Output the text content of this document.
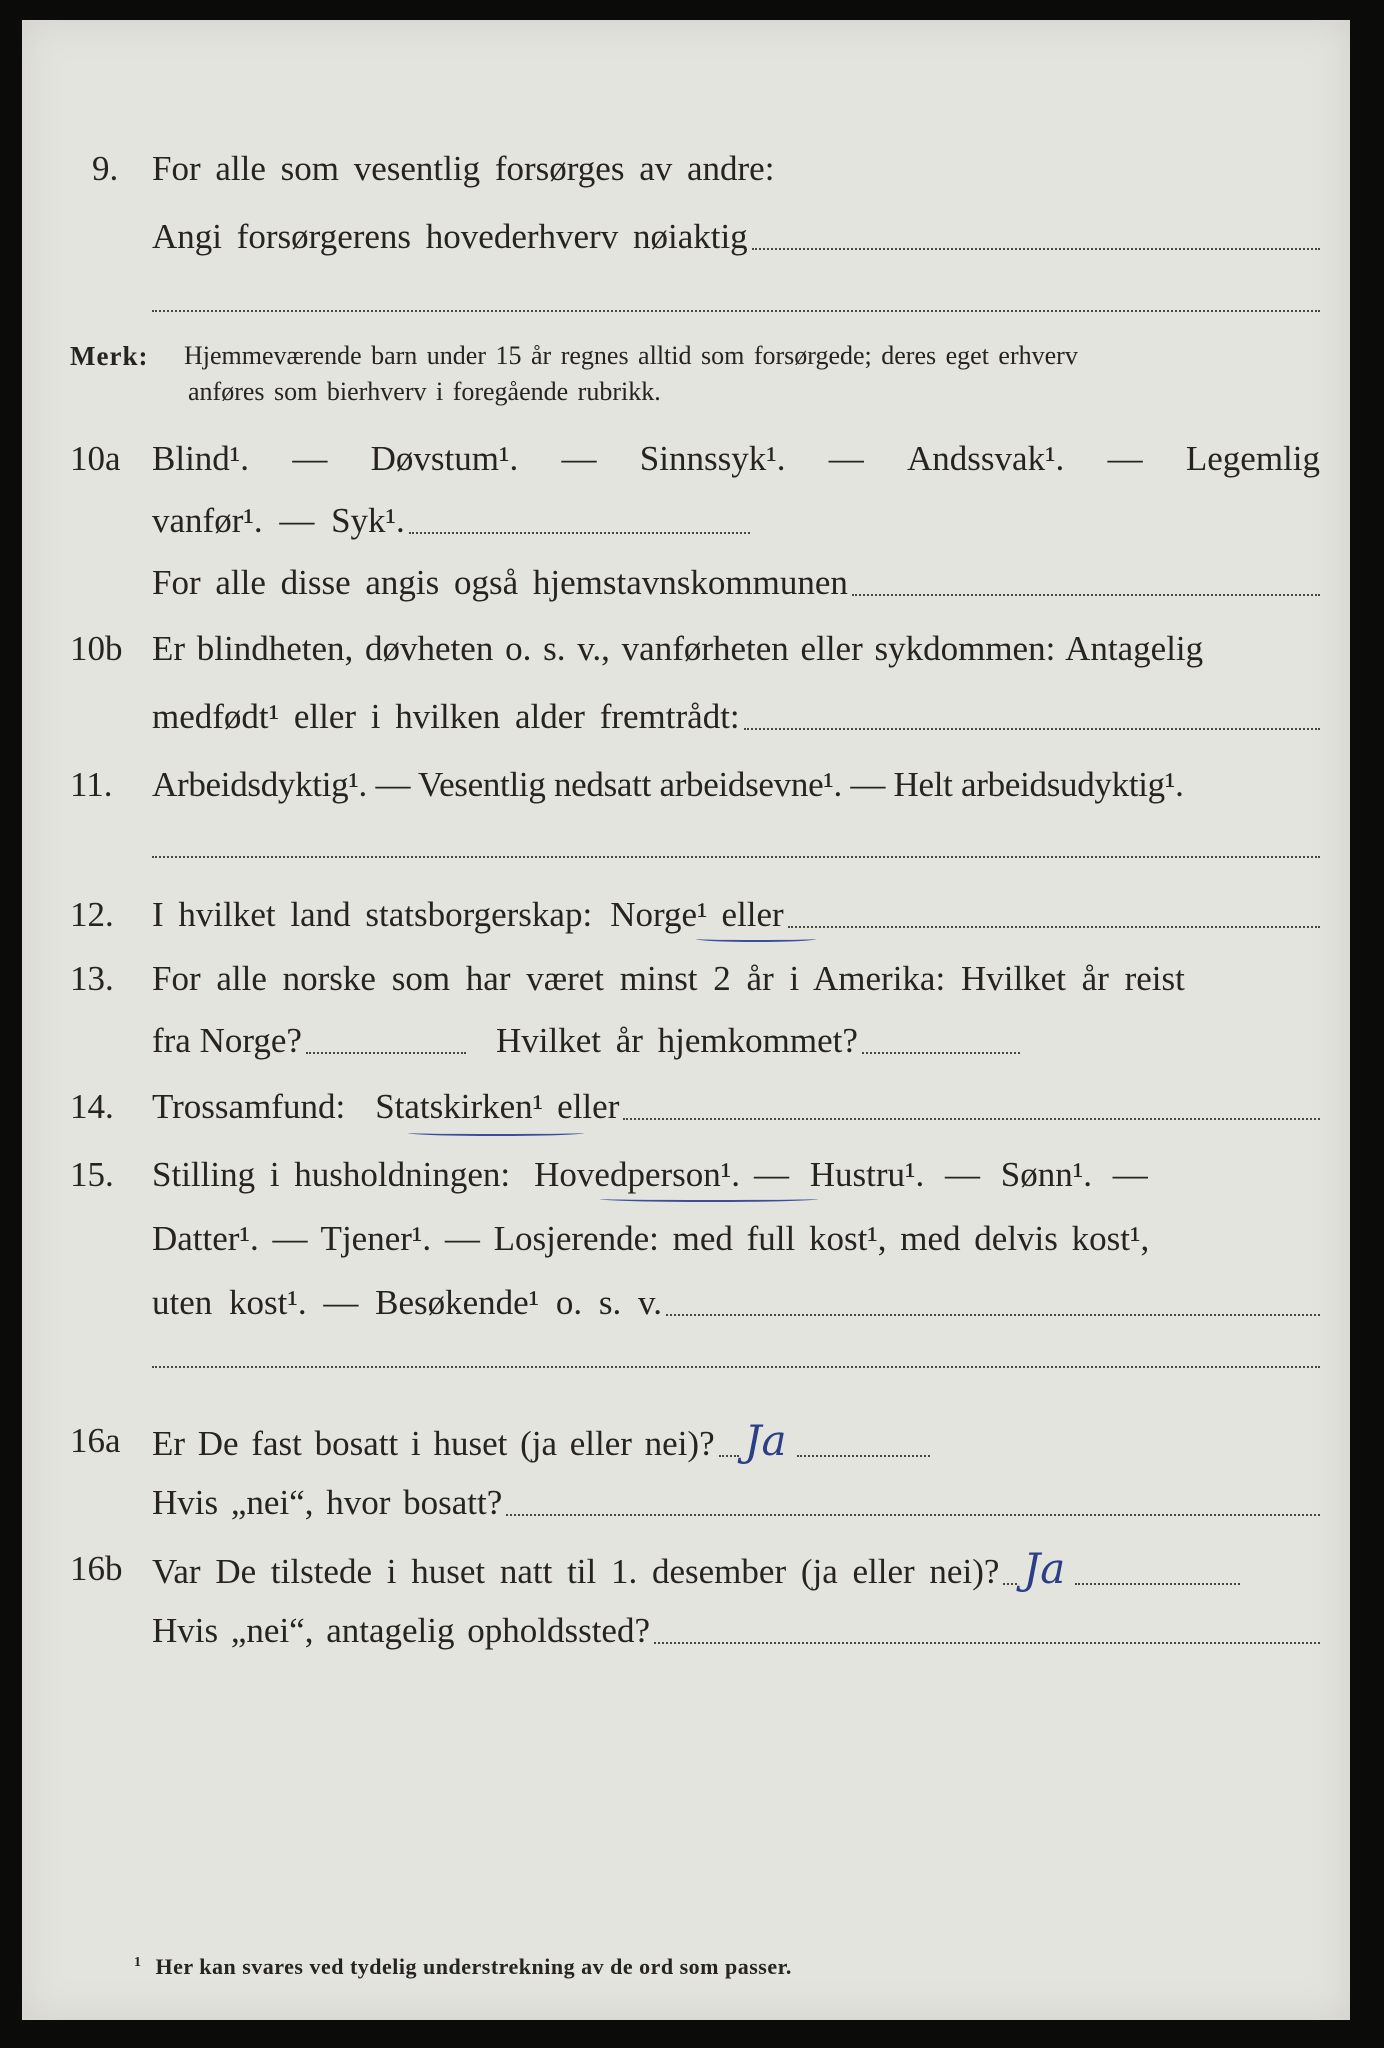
9. For alle som vesentlig forsørges av andre:
Angi forsørgerens hovederhverv nøiaktig
Merk: Hjemmeværende barn under 15 år regnes alltid som forsørgede; deres eget erhverv
anføres som bierhverv i foregående rubrikk.
10a Blind¹. — Døvstum¹. — Sinnssyk¹. — Andssvak¹. — Legemlig
vanfør¹. — Syk¹.
For alle disse angis også hjemstavnskommunen
10b Er blindheten, døvheten o. s. v., vanførheten eller sykdommen: Antagelig
medfødt¹ eller i hvilken alder fremtrådt:
11.	Arbeidsdyktig¹. — Vesentlig nedsatt arbeidsevne¹. — Helt arbeidsudyktig¹.
12.	I hvilket land statsborgerskap: Norge¹ eller
13.	For alle norske som har været minst 2 år i Amerika: Hvilket år reist
fra Norge?	Hvilket år hjemkommet?
14.	Trossamfund: Statskirken¹ eller
15.	Stilling i husholdningen: Hovedperson¹. — Hustru¹. — Sønn¹. —
Datter¹. — Tjener¹. — Losjerende: med full kost¹, med delvis kost¹,
uten kost¹. — Besøkende¹ o. s. v.
16a Er De fast bosatt i huset (ja eller nei)? Ja
Hvis „nei“, hvor bosatt?
16b Var De tilstede i huset natt til 1. desember (ja eller nei)? Ja
Hvis „nei“, antagelig opholdssted?
$^1$ Her kan svares ved tydelig understrekning av de ord som passer.
